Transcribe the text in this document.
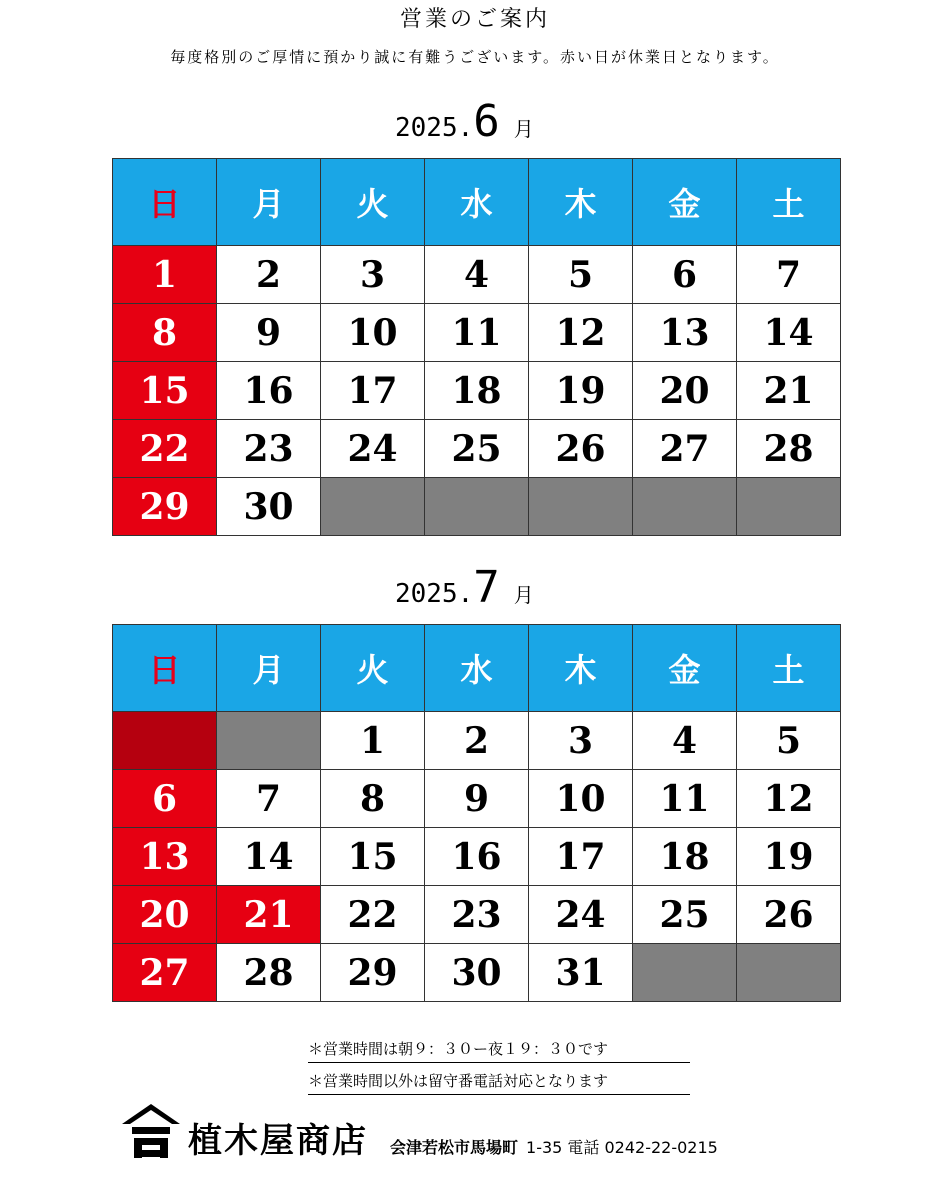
営業のご案内
毎度格別のご厚情に預かり誠に有難うございます。赤い日が休業日となります。
2025. 6 月
日	月	火	水	木	金	土
1	2	3	4	5	6	7
8	9	10	11	12	13	14
15	16	17	18	19	20	21
22	23	24	25	26	27	28
29	30					
2025. 7 月
日	月	火	水	木	金	土
		1	2	3	4	5
6	7	8	9	10	11	12
13	14	15	16	17	18	19
20	21	22	23	24	25	26
27	28	29	30	31		
＊営業時間は朝９：３０ー夜１９：３０です
＊営業時間以外は留守番電話対応となります
植木屋商店 会津若松市馬場町 1-35 電話 0242-22-0215
